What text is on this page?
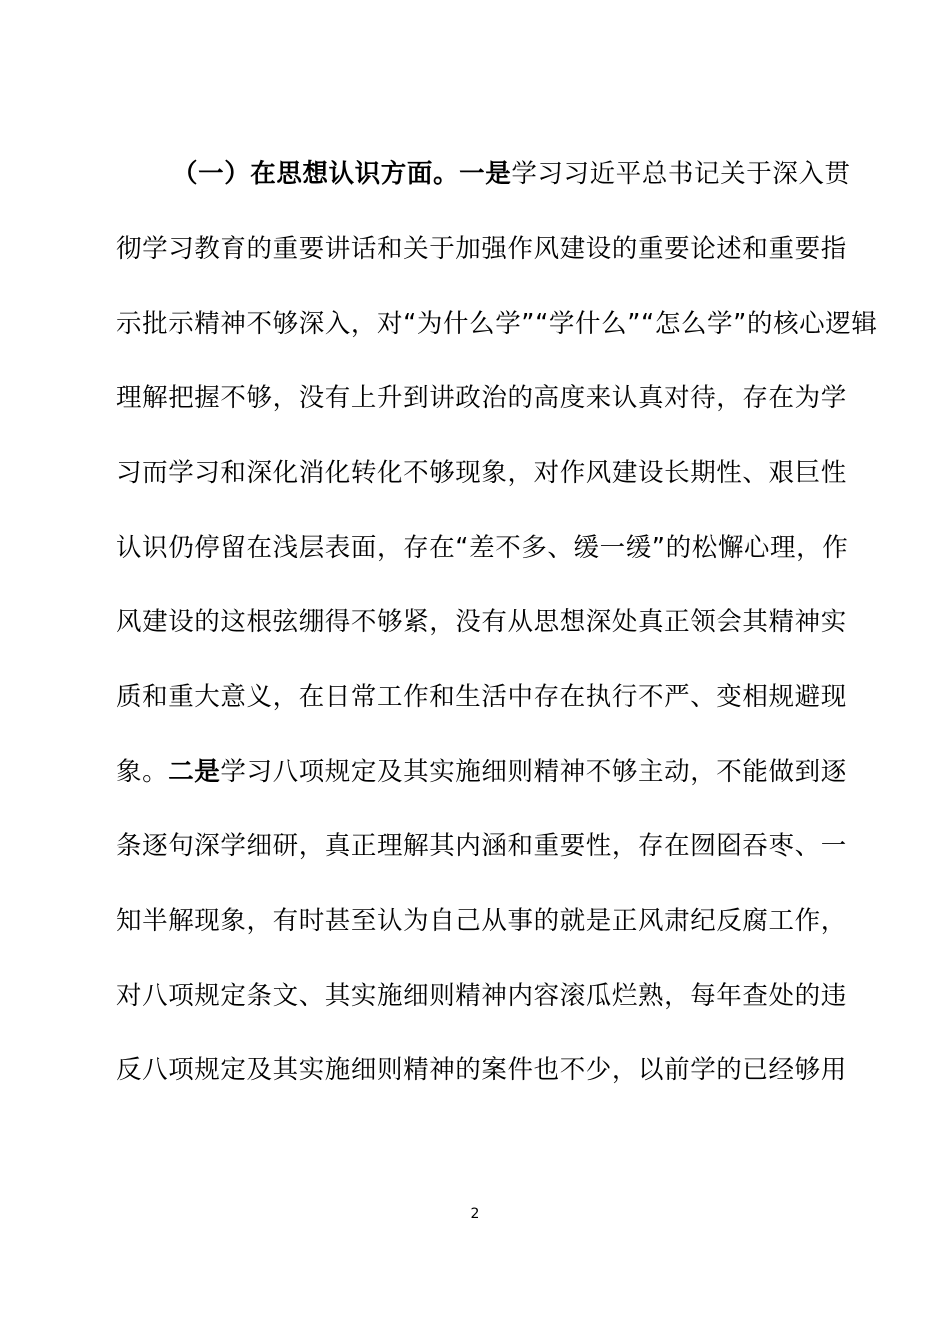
（一）在思想认识方面。一是学习习近平总书记关于深入贯
彻学习教育的重要讲话和关于加强作风建设的重要论述和重要指
示批示精神不够深入，对“为什么学”“学什么”“怎么学”的核心逻辑
理解把握不够，没有上升到讲政治的高度来认真对待，存在为学
习而学习和深化消化转化不够现象，对作风建设长期性、艰巨性
认识仍停留在浅层表面，存在“差不多、缓一缓”的松懈心理，作
风建设的这根弦绷得不够紧，没有从思想深处真正领会其精神实
质和重大意义，在日常工作和生活中存在执行不严、变相规避现
象。二是学习八项规定及其实施细则精神不够主动，不能做到逐
条逐句深学细研，真正理解其内涵和重要性，存在囫囵吞枣、一
知半解现象，有时甚至认为自己从事的就是正风肃纪反腐工作，
对八项规定条文、其实施细则精神内容滚瓜烂熟，每年查处的违
反八项规定及其实施细则精神的案件也不少，以前学的已经够用
2
